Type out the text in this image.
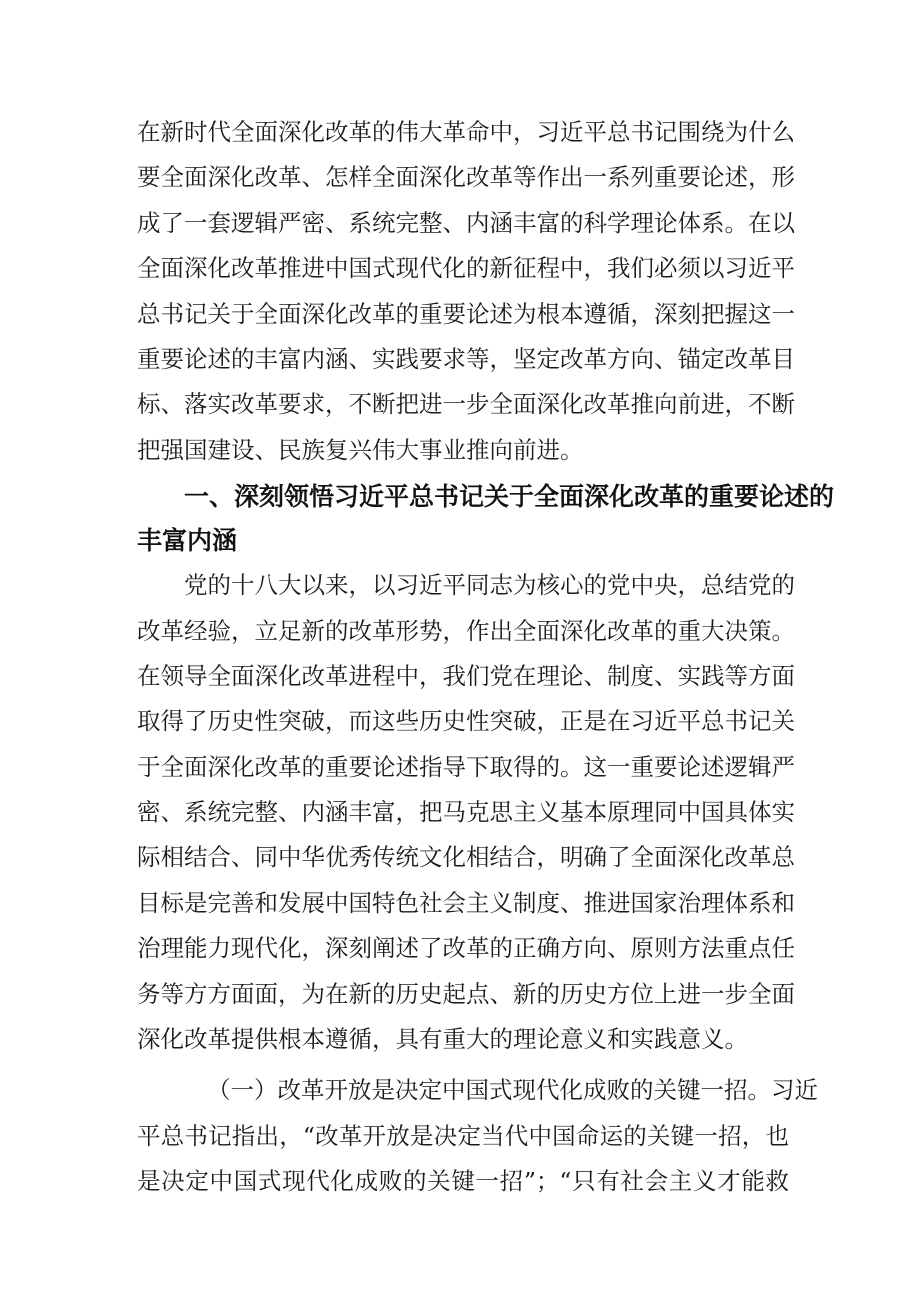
在新时代全面深化改革的伟大革命中，习近平总书记围绕为什么
要全面深化改革、怎样全面深化改革等作出一系列重要论述，形
成了一套逻辑严密、系统完整、内涵丰富的科学理论体系。在以
全面深化改革推进中国式现代化的新征程中，我们必须以习近平
总书记关于全面深化改革的重要论述为根本遵循，深刻把握这一
重要论述的丰富内涵、实践要求等，坚定改革方向、锚定改革目
标、落实改革要求，不断把进一步全面深化改革推向前进，不断
把强国建设、民族复兴伟大事业推向前进。
一、深刻领悟习近平总书记关于全面深化改革的重要论述的
丰富内涵
党的十八大以来，以习近平同志为核心的党中央，总结党的
改革经验，立足新的改革形势，作出全面深化改革的重大决策。
在领导全面深化改革进程中，我们党在理论、制度、实践等方面
取得了历史性突破，而这些历史性突破，正是在习近平总书记关
于全面深化改革的重要论述指导下取得的。这一重要论述逻辑严
密、系统完整、内涵丰富，把马克思主义基本原理同中国具体实
际相结合、同中华优秀传统文化相结合，明确了全面深化改革总
目标是完善和发展中国特色社会主义制度、推进国家治理体系和
治理能力现代化，深刻阐述了改革的正确方向、原则方法重点任
务等方方面面，为在新的历史起点、新的历史方位上进一步全面
深化改革提供根本遵循，具有重大的理论意义和实践意义。
（一）改革开放是决定中国式现代化成败的关键一招。习近
平总书记指出，“改革开放是决定当代中国命运的关键一招，也
是决定中国式现代化成败的关键一招”；“只有社会主义才能救
